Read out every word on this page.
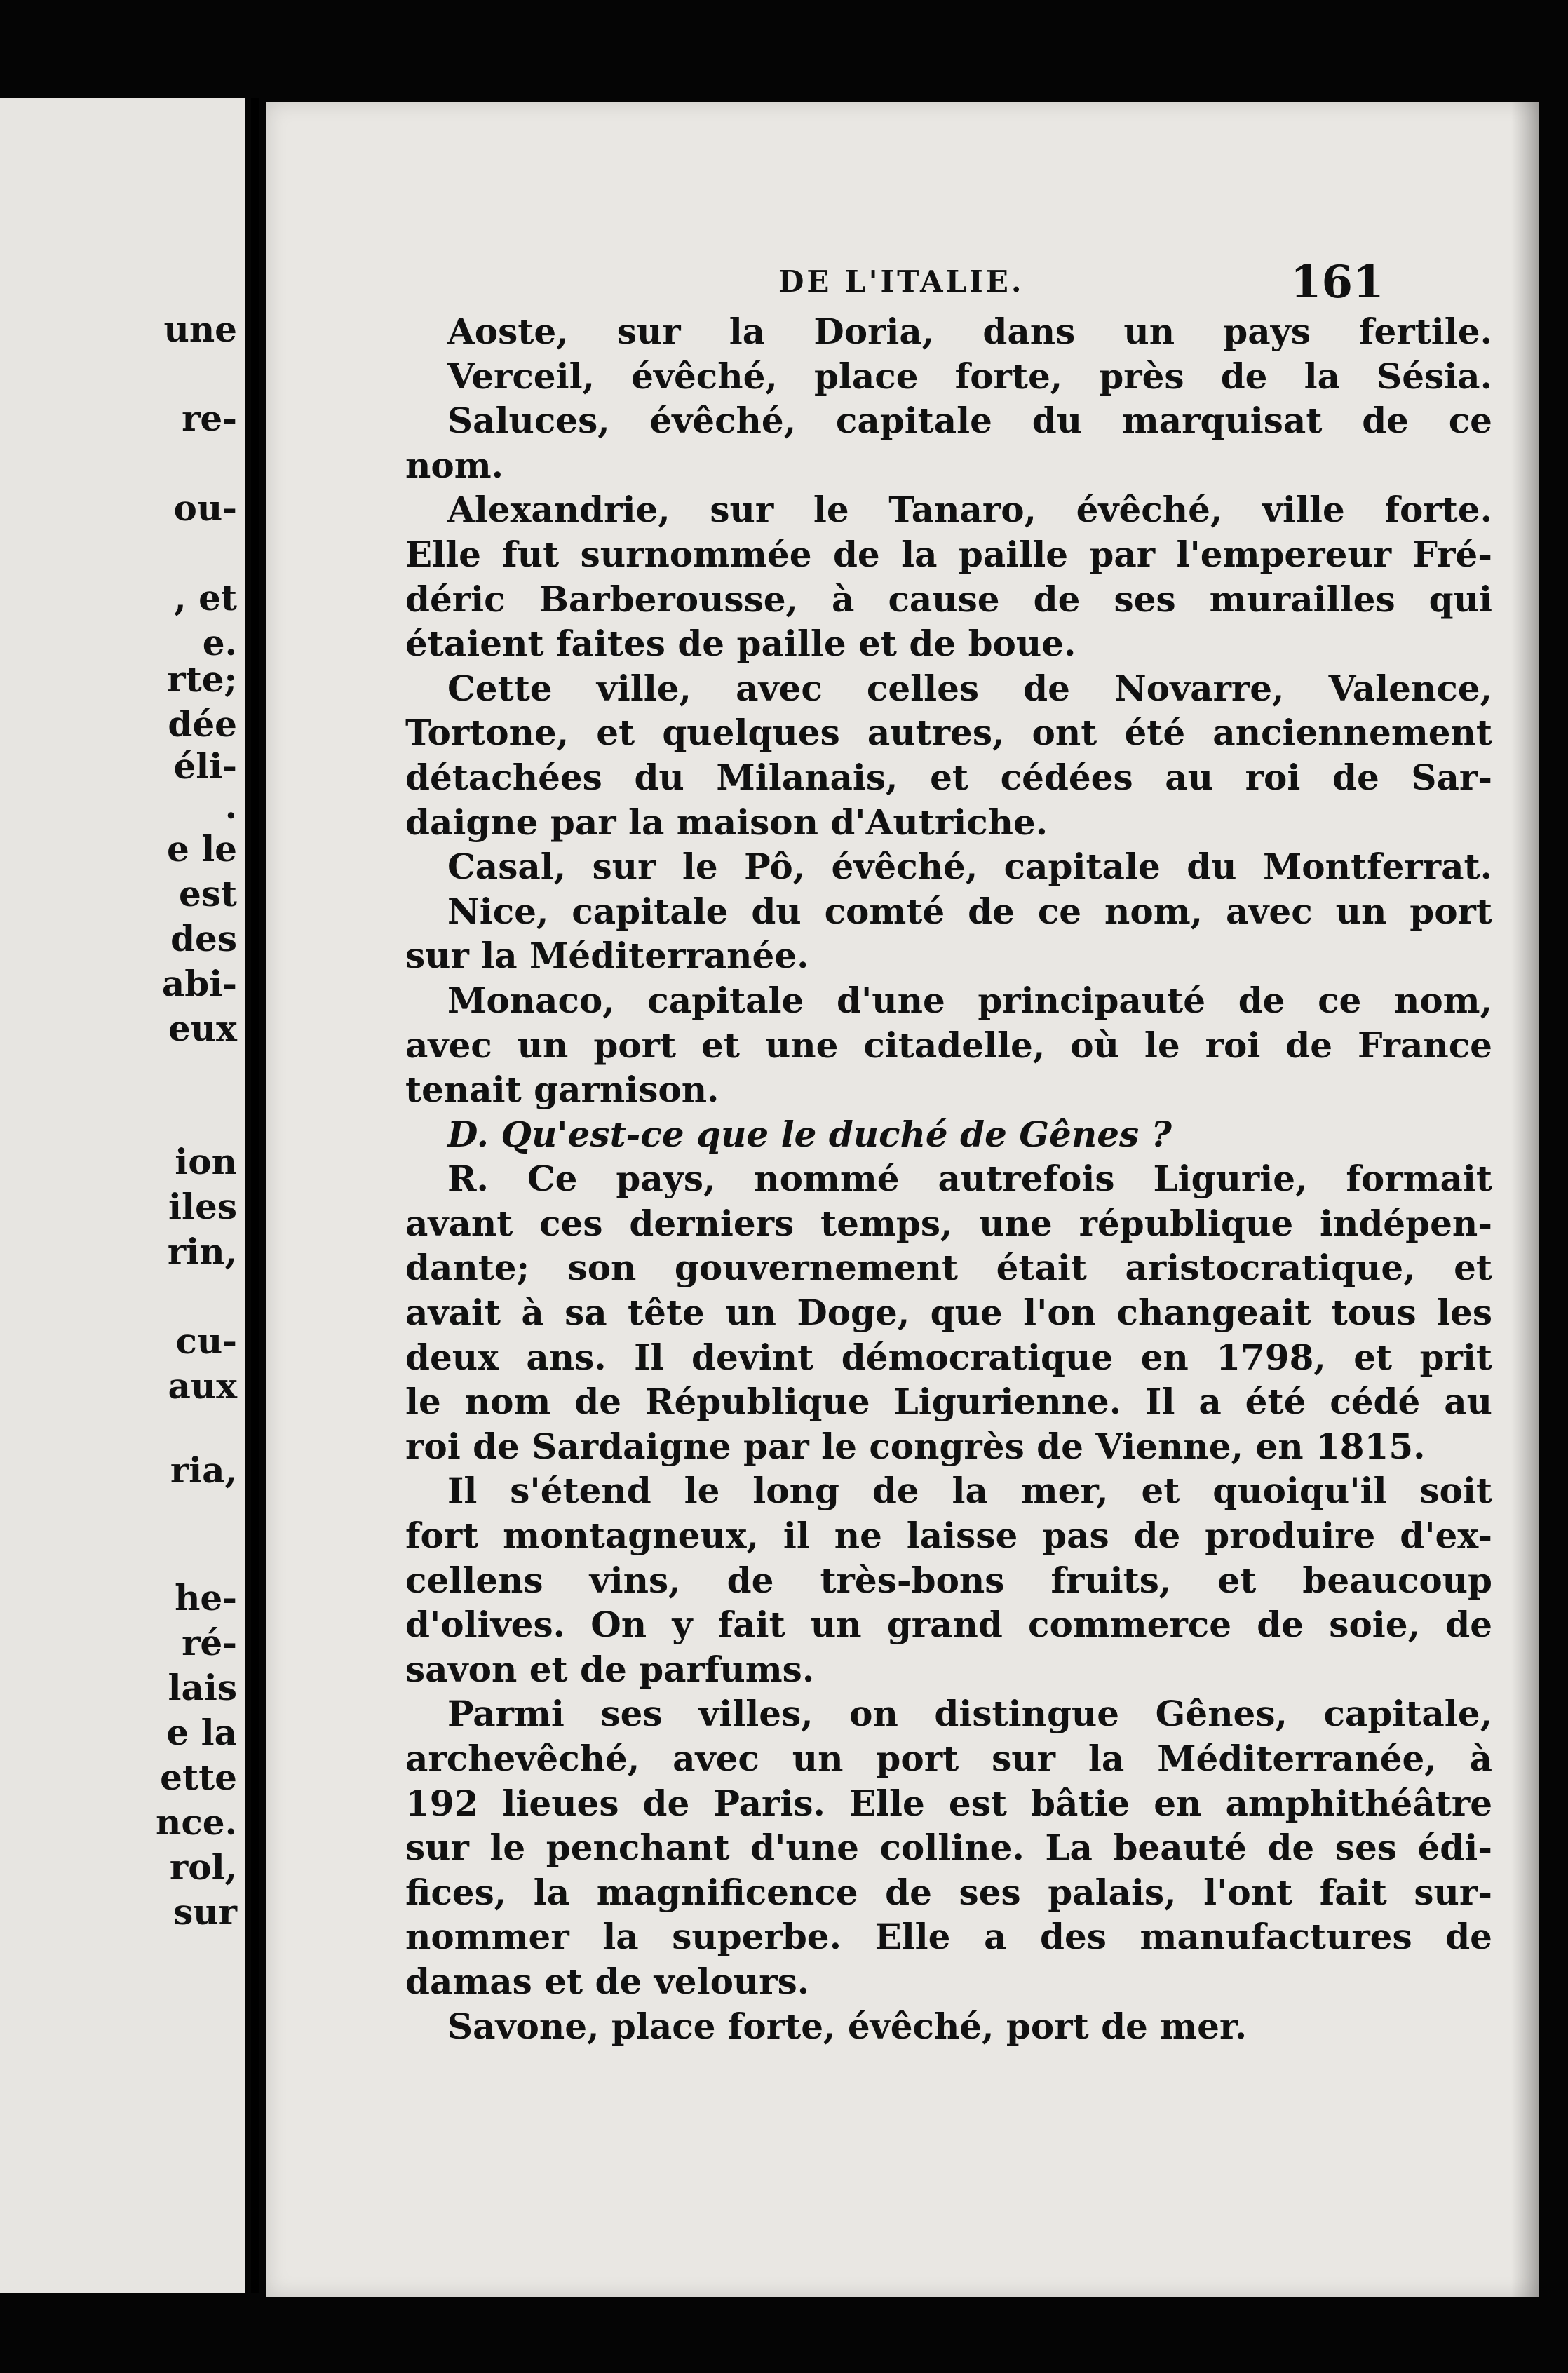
une
re-
ou-
, et
e.
rte;
dée
éli-
.
e le
est
des
abi-
eux
ion
iles
rin,
cu-
aux
ria,
he-
ré-
lais
e la
ette
nce.
rol,
sur
DE L'ITALIE.	161
Aoste, sur la Doria, dans un pays fertile.
Verceil, évêché, place forte, près de la Sésia.
Saluces, évêché, capitale du marquisat de ce
nom.
Alexandrie, sur le Tanaro, évêché, ville forte.
Elle fut surnommée de la paille par l'empereur Fré-
déric Barberousse, à cause de ses murailles qui
étaient faites de paille et de boue.
Cette ville, avec celles de Novarre, Valence,
Tortone, et quelques autres, ont été anciennement
détachées du Milanais, et cédées au roi de Sar-
daigne par la maison d'Autriche.
Casal, sur le Pô, évêché, capitale du Montferrat.
Nice, capitale du comté de ce nom, avec un port
sur la Méditerranée.
Monaco, capitale d'une principauté de ce nom,
avec un port et une citadelle, où le roi de France
tenait garnison.
D. Qu'est-ce que le duché de Gênes ?
R. Ce pays, nommé autrefois Ligurie, formait
avant ces derniers temps, une république indépen-
dante; son gouvernement était aristocratique, et
avait à sa tête un Doge, que l'on changeait tous les
deux ans. Il devint démocratique en 1798, et prit
le nom de République Ligurienne. Il a été cédé au
roi de Sardaigne par le congrès de Vienne, en 1815.
Il s'étend le long de la mer, et quoiqu'il soit
fort montagneux, il ne laisse pas de produire d'ex-
cellens vins, de très-bons fruits, et beaucoup
d'olives. On y fait un grand commerce de soie, de
savon et de parfums.
Parmi ses villes, on distingue Gênes, capitale,
archevêché, avec un port sur la Méditerranée, à
192 lieues de Paris. Elle est bâtie en amphithéâtre
sur le penchant d'une colline. La beauté de ses édi-
fices, la magnificence de ses palais, l'ont fait sur-
nommer la superbe. Elle a des manufactures de
damas et de velours.
Savone, place forte, évêché, port de mer.
